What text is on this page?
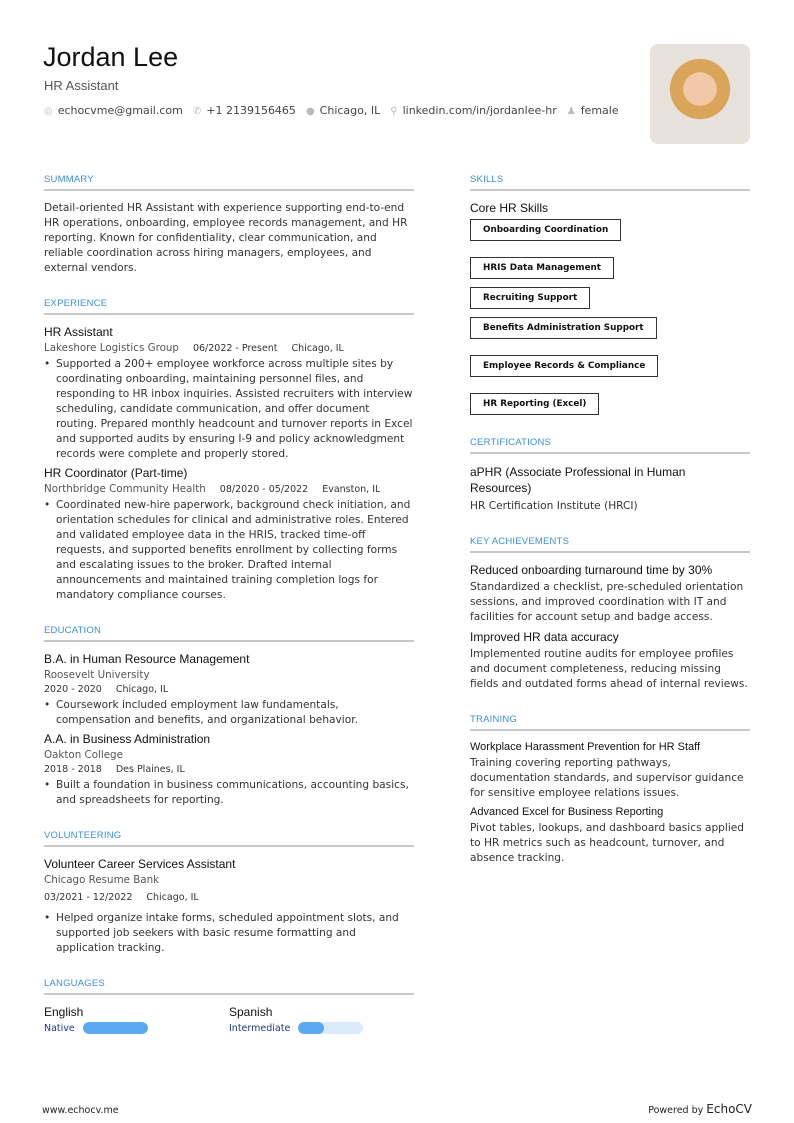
Jordan Lee
HR Assistant
◎ echocvme@gmail.com ✆ +1 2139156465 ● Chicago, IL ⚲ linkedin.com/in/jordanlee-hr ♟ female
SUMMARY

Detail-oriented HR Assistant with experience supporting end-to-end HR operations, onboarding, employee records management, and HR reporting. Known for confidentiality, clear communication, and reliable coordination across hiring managers, employees, and external vendors.

EXPERIENCE
HR Assistant
Lakeshore Logistics Group 06/2022 - Present Chicago, IL
• Supported a 200+ employee workforce across multiple sites by coordinating onboarding, maintaining personnel files, and responding to HR inbox inquiries. Assisted recruiters with interview scheduling, candidate communication, and offer document routing. Prepared monthly headcount and turnover reports in Excel and supported audits by ensuring I-9 and policy acknowledgment records were complete and properly stored.
HR Coordinator (Part-time)
Northbridge Community Health 08/2020 - 05/2022 Evanston, IL
• Coordinated new-hire paperwork, background check initiation, and orientation schedules for clinical and administrative roles. Entered and validated employee data in the HRIS, tracked time-off requests, and supported benefits enrollment by collecting forms and escalating issues to the broker. Drafted internal announcements and maintained training completion logs for mandatory compliance courses.
EDUCATION
B.A. in Human Resource Management
Roosevelt University
2020 - 2020 Chicago, IL
• Coursework included employment law fundamentals, compensation and benefits, and organizational behavior.
A.A. in Business Administration
Oakton College
2018 - 2018 Des Plaines, IL
• Built a foundation in business communications, accounting basics, and spreadsheets for reporting.
VOLUNTEERING
Volunteer Career Services Assistant
Chicago Resume Bank
03/2021 - 12/2022 Chicago, IL
• Helped organize intake forms, scheduled appointment slots, and supported job seekers with basic resume formatting and application tracking.
LANGUAGES
English
Native
Spanish
Intermediate
SKILLS
Core HR Skills
Onboarding Coordination
HRIS Data Management
Recruiting Support
Benefits Administration Support
Employee Records & Compliance
HR Reporting (Excel)
CERTIFICATIONS
aPHR (Associate Professional in Human Resources)

HR Certification Institute (HRCI)

KEY ACHIEVEMENTS
Reduced onboarding turnaround time by 30%

Standardized a checklist, pre-scheduled orientation sessions, and improved coordination with IT and facilities for account setup and badge access.

Improved HR data accuracy

Implemented routine audits for employee profiles and document completeness, reducing missing fields and outdated forms ahead of internal reviews.

TRAINING
Workplace Harassment Prevention for HR Staff

Training covering reporting pathways, documentation standards, and supervisor guidance for sensitive employee relations issues.

Advanced Excel for Business Reporting

Pivot tables, lookups, and dashboard basics applied to HR metrics such as headcount, turnover, and absence tracking.

www.echocv.me	Powered by EchoCV
